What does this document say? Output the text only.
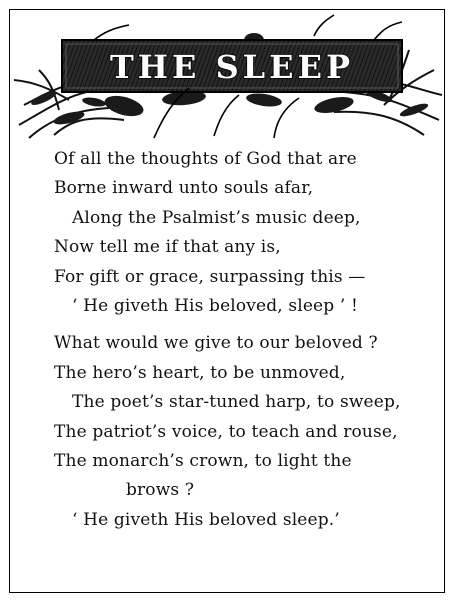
THE SLEEP
Of all the thoughts of God that are
Borne inward unto souls afar,
Along the Psalmist’s music deep,
Now tell me if that any is,
For gift or grace, surpassing this —
‘ He giveth His beloved, sleep ’ !
What would we give to our beloved ?
The hero’s heart, to be unmoved,
The poet’s star-tuned harp, to sweep,
The patriot’s voice, to teach and rouse,
The monarch’s crown, to light the
brows ?
‘ He giveth His beloved sleep.’
